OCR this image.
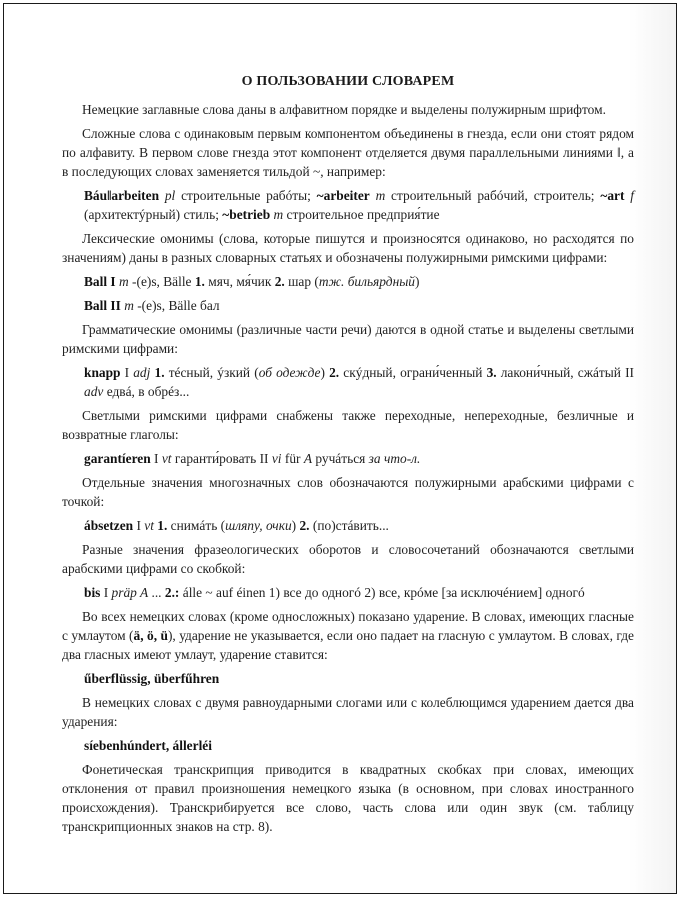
О ПОЛЬЗОВАНИИ СЛОВАРЕМ

Немецкие заглавные слова даны в алфавитном порядке и выделены полужирным шрифтом.

Сложные слова с одинаковым первым компонентом объединены в гнезда, если они стоят рядом по алфавиту. В первом слове гнезда этот компонент отделяется двумя параллельными линиями ‖, а в последующих словах заменяется тильдой ~, например:

Báu‖arbeiten pl строительные рабóты; ~arbeiter m строительный рабóчий, строитель; ~art f (архитектýрный) стиль; ~betrieb m строительное предприя́тие

Лексические омонимы (слова, которые пишутся и произносятся одинаково, но расходятся по значениям) даны в разных словарных статьях и обозначены полужирными римскими цифрами:

Ball I m -(e)s, Bälle 1. мяч, мя́чик 2. шар (тж. бильярдный)
Ball II m -(e)s, Bälle бал

Грамматические омонимы (различные части речи) даются в одной статье и выделены светлыми римскими цифрами:

knapp I adj 1. тéсный, ýзкий (об одежде) 2. скýдный, ограни́ченный 3. лакони́чный, сжáтый II adv едвá, в обрéз...

Светлыми римскими цифрами снабжены также переходные, непереходные, безличные и возвратные глаголы:

garantíeren I vt гаранти́ровать II vi für A ручáться за что-л.

Отдельные значения многозначных слов обозначаются полужирными арабскими цифрами с точкой:

ábsetzen I vt 1. снимáть (шляпу, очки) 2. (по)стáвить...

Разные значения фразеологических оборотов и словосочетаний обозначаются светлыми арабскими цифрами со скобкой:

bis I präp A ... 2.: álle ~ auf éinen 1) все до одногó 2) все, крóме [за исключéнием] одногó

Во всех немецких словах (кроме односложных) показано ударение. В словах, имеющих гласные с умлаутом (ä, ö, ü), ударение не указывается, если оно падает на гласную с умлаутом. В словах, где два гласных имеют умлаут, ударение ставится:

űberflüssig, überfűhren

В немецких словах с двумя равноударными слогами или с колеблющимся ударением дается два ударения:

síebenhúndert, állerléi

Фонетическая транскрипция приводится в квадратных скобках при словах, имеющих отклонения от правил произношения немецкого языка (в основном, при словах иностранного происхождения). Транскрибируется все слово, часть слова или один звук (см. таблицу транскрипционных знаков на стр. 8).
